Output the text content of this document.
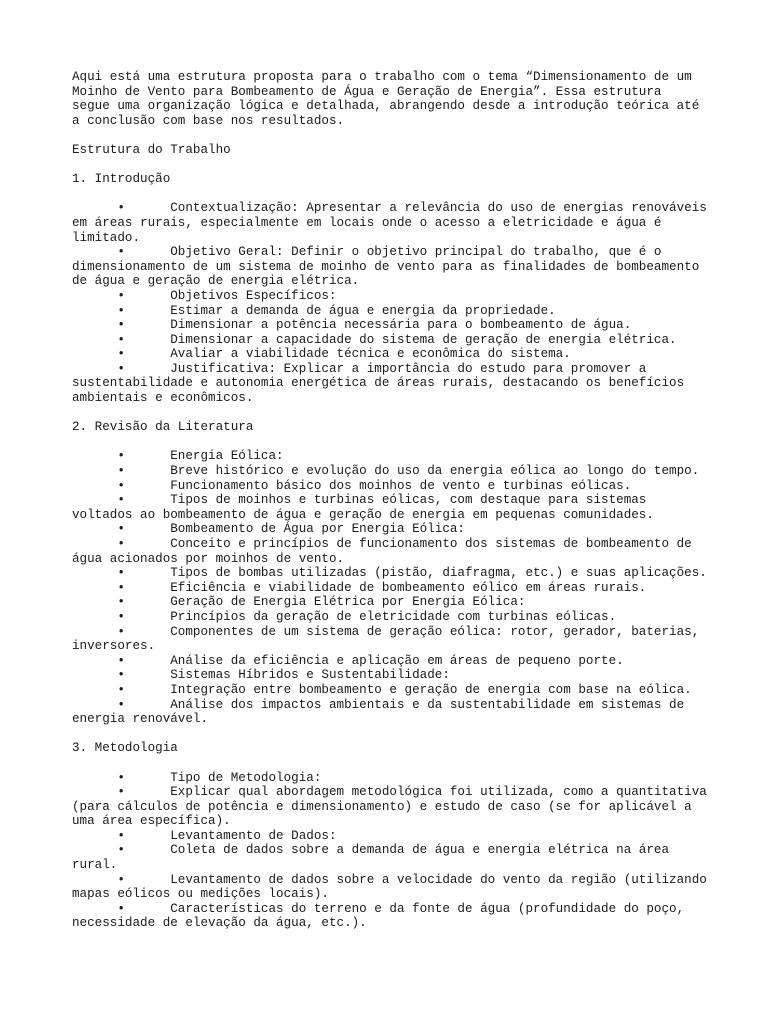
Aqui está uma estrutura proposta para o trabalho com o tema “Dimensionamento de um
Moinho de Vento para Bombeamento de Água e Geração de Energia”. Essa estrutura
segue uma organização lógica e detalhada, abrangendo desde a introdução teórica até
a conclusão com base nos resultados.
Estrutura do Trabalho
1. Introdução
•      Contextualização: Apresentar a relevância do uso de energias renováveis
em áreas rurais, especialmente em locais onde o acesso a eletricidade e água é
limitado.
•      Objetivo Geral: Definir o objetivo principal do trabalho, que é o
dimensionamento de um sistema de moinho de vento para as finalidades de bombeamento
de água e geração de energia elétrica.
•      Objetivos Específicos:
•      Estimar a demanda de água e energia da propriedade.
•      Dimensionar a potência necessária para o bombeamento de água.
•      Dimensionar a capacidade do sistema de geração de energia elétrica.
•      Avaliar a viabilidade técnica e econômica do sistema.
•      Justificativa: Explicar a importância do estudo para promover a
sustentabilidade e autonomia energética de áreas rurais, destacando os benefícios
ambientais e econômicos.
2. Revisão da Literatura
•      Energia Eólica:
•      Breve histórico e evolução do uso da energia eólica ao longo do tempo.
•      Funcionamento básico dos moinhos de vento e turbinas eólicas.
•      Tipos de moinhos e turbinas eólicas, com destaque para sistemas
voltados ao bombeamento de água e geração de energia em pequenas comunidades.
•      Bombeamento de Água por Energia Eólica:
•      Conceito e princípios de funcionamento dos sistemas de bombeamento de
água acionados por moinhos de vento.
•      Tipos de bombas utilizadas (pistão, diafragma, etc.) e suas aplicações.
•      Eficiência e viabilidade de bombeamento eólico em áreas rurais.
•      Geração de Energia Elétrica por Energia Eólica:
•      Princípios da geração de eletricidade com turbinas eólicas.
•      Componentes de um sistema de geração eólica: rotor, gerador, baterias,
inversores.
•      Análise da eficiência e aplicação em áreas de pequeno porte.
•      Sistemas Híbridos e Sustentabilidade:
•      Integração entre bombeamento e geração de energia com base na eólica.
•      Análise dos impactos ambientais e da sustentabilidade em sistemas de
energia renovável.
3. Metodologia
•      Tipo de Metodologia:
•      Explicar qual abordagem metodológica foi utilizada, como a quantitativa
(para cálculos de potência e dimensionamento) e estudo de caso (se for aplicável a
uma área específica).
•      Levantamento de Dados:
•      Coleta de dados sobre a demanda de água e energia elétrica na área
rural.
•      Levantamento de dados sobre a velocidade do vento da região (utilizando
mapas eólicos ou medições locais).
•      Características do terreno e da fonte de água (profundidade do poço,
necessidade de elevação da água, etc.).
